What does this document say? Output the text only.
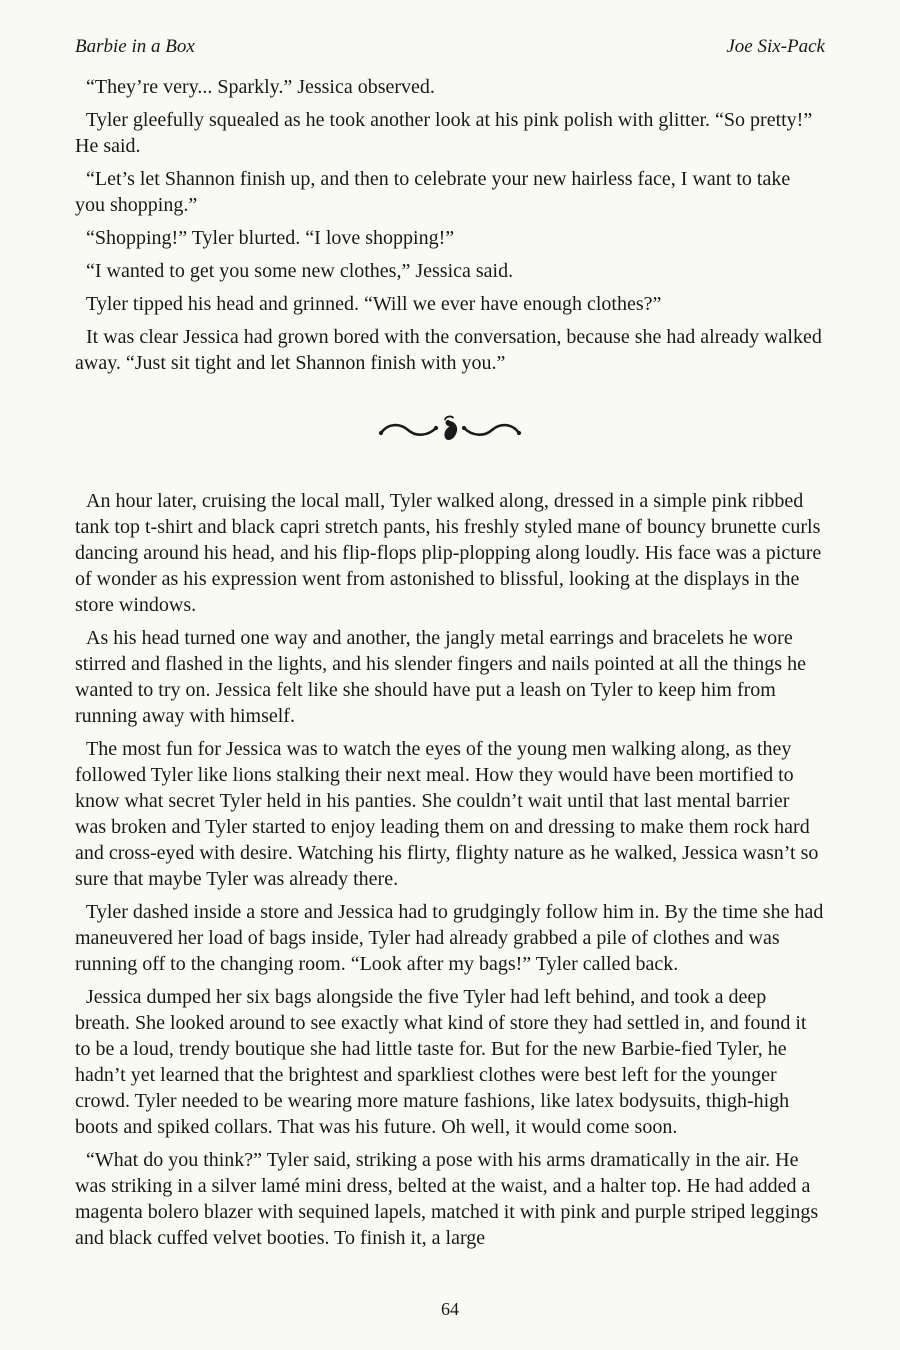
Barbie in a Box	Joe Six-Pack

“They’re very... Sparkly.” Jessica observed.

Tyler gleefully squealed as he took another look at his pink polish with glitter. “So pretty!” He said.

“Let’s let Shannon finish up, and then to celebrate your new hairless face, I want to take you shopping.”

“Shopping!” Tyler blurted. “I love shopping!”

“I wanted to get you some new clothes,” Jessica said.

Tyler tipped his head and grinned. “Will we ever have enough clothes?”

It was clear Jessica had grown bored with the conversation, because she had already walked away. “Just sit tight and let Shannon finish with you.”

An hour later, cruising the local mall, Tyler walked along, dressed in a simple pink ribbed tank top t-shirt and black capri stretch pants, his freshly styled mane of bouncy brunette curls dancing around his head, and his flip-flops plip-plopping along loudly. His face was a picture of wonder as his expression went from astonished to blissful, looking at the displays in the store windows.

As his head turned one way and another, the jangly metal earrings and bracelets he wore stirred and flashed in the lights, and his slender fingers and nails pointed at all the things he wanted to try on. Jessica felt like she should have put a leash on Tyler to keep him from running away with himself.

The most fun for Jessica was to watch the eyes of the young men walking along, as they followed Tyler like lions stalking their next meal. How they would have been mortified to know what secret Tyler held in his panties. She couldn’t wait until that last mental barrier was broken and Tyler started to enjoy leading them on and dressing to make them rock hard and cross-eyed with desire. Watching his flirty, flighty nature as he walked, Jessica wasn’t so sure that maybe Tyler was already there.

Tyler dashed inside a store and Jessica had to grudgingly follow him in. By the time she had maneuvered her load of bags inside, Tyler had already grabbed a pile of clothes and was running off to the changing room. “Look after my bags!” Tyler called back.

Jessica dumped her six bags alongside the five Tyler had left behind, and took a deep breath. She looked around to see exactly what kind of store they had settled in, and found it to be a loud, trendy boutique she had little taste for. But for the new Barbie-fied Tyler, he hadn’t yet learned that the brightest and sparkliest clothes were best left for the younger crowd. Tyler needed to be wearing more mature fashions, like latex bodysuits, thigh-high boots and spiked collars. That was his future. Oh well, it would come soon.

“What do you think?” Tyler said, striking a pose with his arms dramatically in the air. He was striking in a silver lamé mini dress, belted at the waist, and a halter top. He had added a magenta bolero blazer with sequined lapels, matched it with pink and purple striped leggings and black cuffed velvet booties. To finish it, a large

64
